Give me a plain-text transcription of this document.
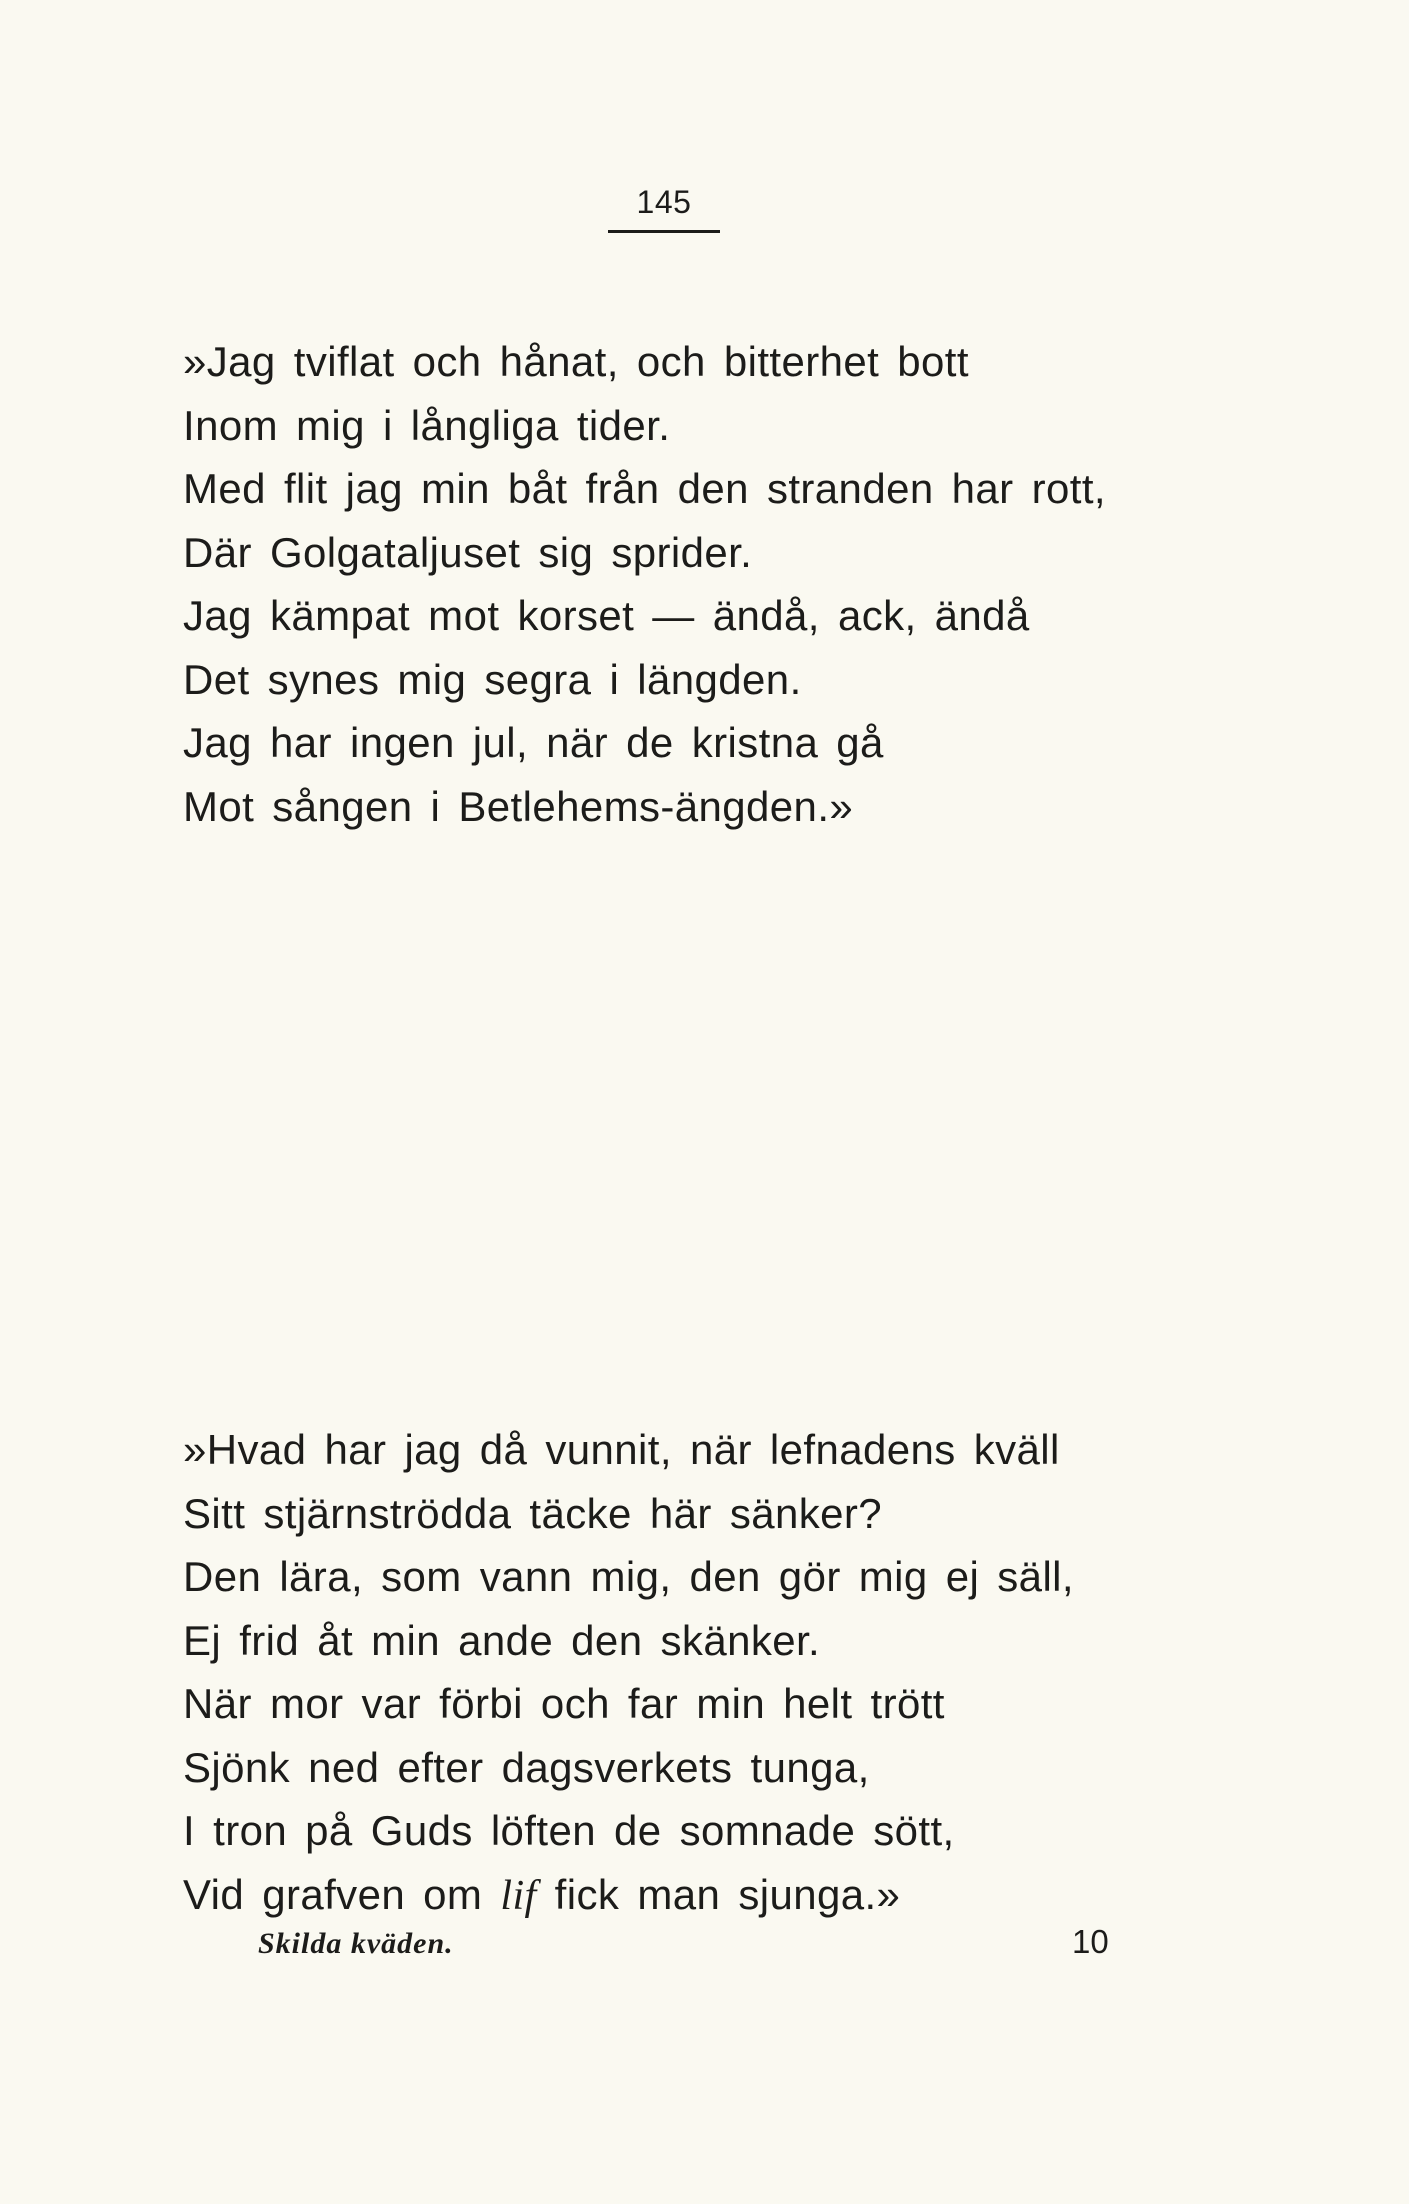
145
»Jag tviflat och hånat, och bitterhet bott
Inom mig i långliga tider.
Med flit jag min båt från den stranden har rott,
Där Golgataljuset sig sprider.
Jag kämpat mot korset — ändå, ack, ändå
Det synes mig segra i längden.
Jag har ingen jul, när de kristna gå
Mot sången i Betlehems-ängden.»
»Hvad har jag då vunnit, när lefnadens kväll
Sitt stjärnströdda täcke här sänker?
Den lära, som vann mig, den gör mig ej säll,
Ej frid åt min ande den skänker.
När mor var förbi och far min helt trött
Sjönk ned efter dagsverkets tunga,
I tron på Guds löften de somnade sött,
Vid grafven om lif fick man sjunga.»
Skilda kväden.	10
